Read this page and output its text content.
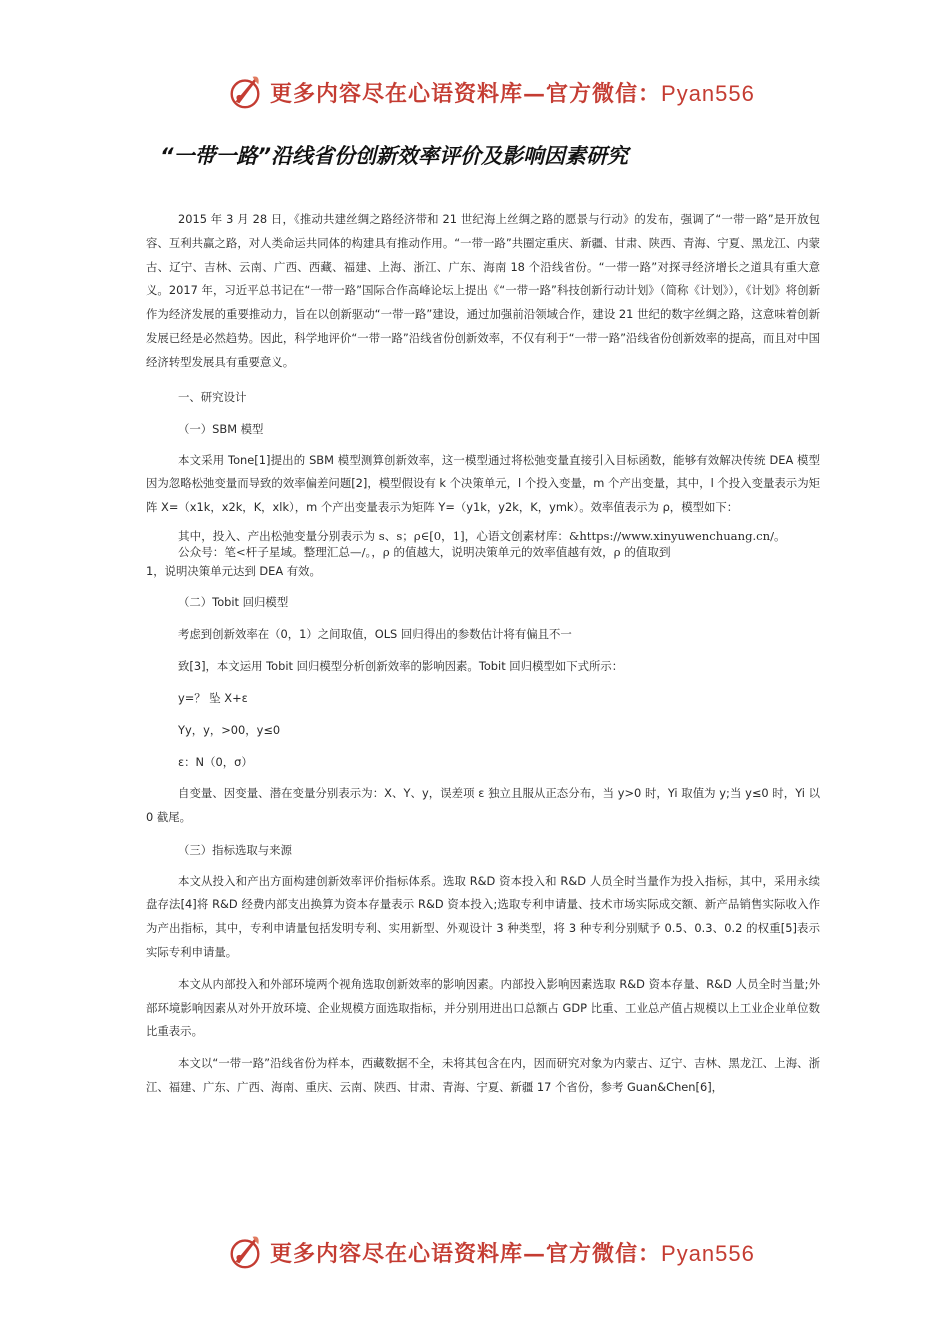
更多内容尽在心语资料库—官方微信：Pyan556
“一带一路”沿线省份创新效率评价及影响因素研究

2015 年 3 月 28 日，《推动共建丝绸之路经济带和 21 世纪海上丝绸之路的愿景与行动》的发布，强调了“一带一路”是开放包容、互利共赢之路，对人类命运共同体的构建具有推动作用。“一带一路”共圈定重庆、新疆、甘肃、陕西、青海、宁夏、黑龙江、内蒙古、辽宁、吉林、云南、广西、西藏、福建、上海、浙江、广东、海南 18 个沿线省份。“一带一路”对探寻经济增长之道具有重大意义。2017 年，习近平总书记在“一带一路”国际合作高峰论坛上提出《“一带一路”科技创新行动计划》（简称《计划》），《计划》将创新作为经济发展的重要推动力，旨在以创新驱动“一带一路”建设，通过加强前沿领域合作，建设 21 世纪的数字丝绸之路，这意味着创新发展已经是必然趋势。因此，科学地评价“一带一路”沿线省份创新效率，不仅有利于“一带一路”沿线省份创新效率的提高，而且对中国经济转型发展具有重要意义。

一、研究设计

（一）SBM 模型

本文采用 Tone[1]提出的 SBM 模型测算创新效率，这一模型通过将松弛变量直接引入目标函数，能够有效解决传统 DEA 模型因为忽略松弛变量而导致的效率偏差问题[2]，模型假设有 k 个决策单元，l 个投入变量，m 个产出变量，其中，l 个投入变量表示为矩阵 X=（x1k，x2k，K，xlk），m 个产出变量表示为矩阵 Y=（y1k，y2k，K，ymk）。效率值表示为 ρ，模型如下：

其中，投入、产出松弛变量分别表示为 s、s；ρ∈[0，1]，心语文创素材库：&https://www.xinyuwenchuang.cn/。

公众号：笔<杆子星域。整理汇总—/。，ρ 的值越大，说明决策单元的效率值越有效，ρ 的值取到

1，说明决策单元达到 DEA 有效。

（二）Tobit 回归模型

考虑到创新效率在（0，1）之间取值，OLS 回归得出的参数估计将有偏且不一

致[3]，本文运用 Tobit 回归模型分析创新效率的影响因素。Tobit 回归模型如下式所示：

y=？ 坠 X+ε

Yy，y，>00，y≤0

ε：N（0，σ）

自变量、因变量、潜在变量分别表示为：X、Y、y，误差项 ε 独立且服从正态分布，当 y>0 时，Yi 取值为 y;当 y≤0 时，Yi 以 0 截尾。

（三）指标选取与来源

本文从投入和产出方面构建创新效率评价指标体系。选取 R&D 资本投入和 R&D 人员全时当量作为投入指标，其中，采用永续盘存法[4]将 R&D 经费内部支出换算为资本存量表示 R&D 资本投入;选取专利申请量、技术市场实际成交额、新产品销售实际收入作为产出指标，其中，专利申请量包括发明专利、实用新型、外观设计 3 种类型，将 3 种专利分别赋予 0.5、0.3、0.2 的权重[5]表示实际专利申请量。

本文从内部投入和外部环境两个视角选取创新效率的影响因素。内部投入影响因素选取 R&D 资本存量、R&D 人员全时当量;外部环境影响因素从对外开放环境、企业规模方面选取指标，并分别用进出口总额占 GDP 比重、工业总产值占规模以上工业企业单位数比重表示。

本文以“一带一路”沿线省份为样本，西藏数据不全，未将其包含在内，因而研究对象为内蒙古、辽宁、吉林、黑龙江、上海、浙江、福建、广东、广西、海南、重庆、云南、陕西、甘肃、青海、宁夏、新疆 17 个省份，参考 Guan&Chen[6]，

更多内容尽在心语资料库—官方微信：Pyan556
